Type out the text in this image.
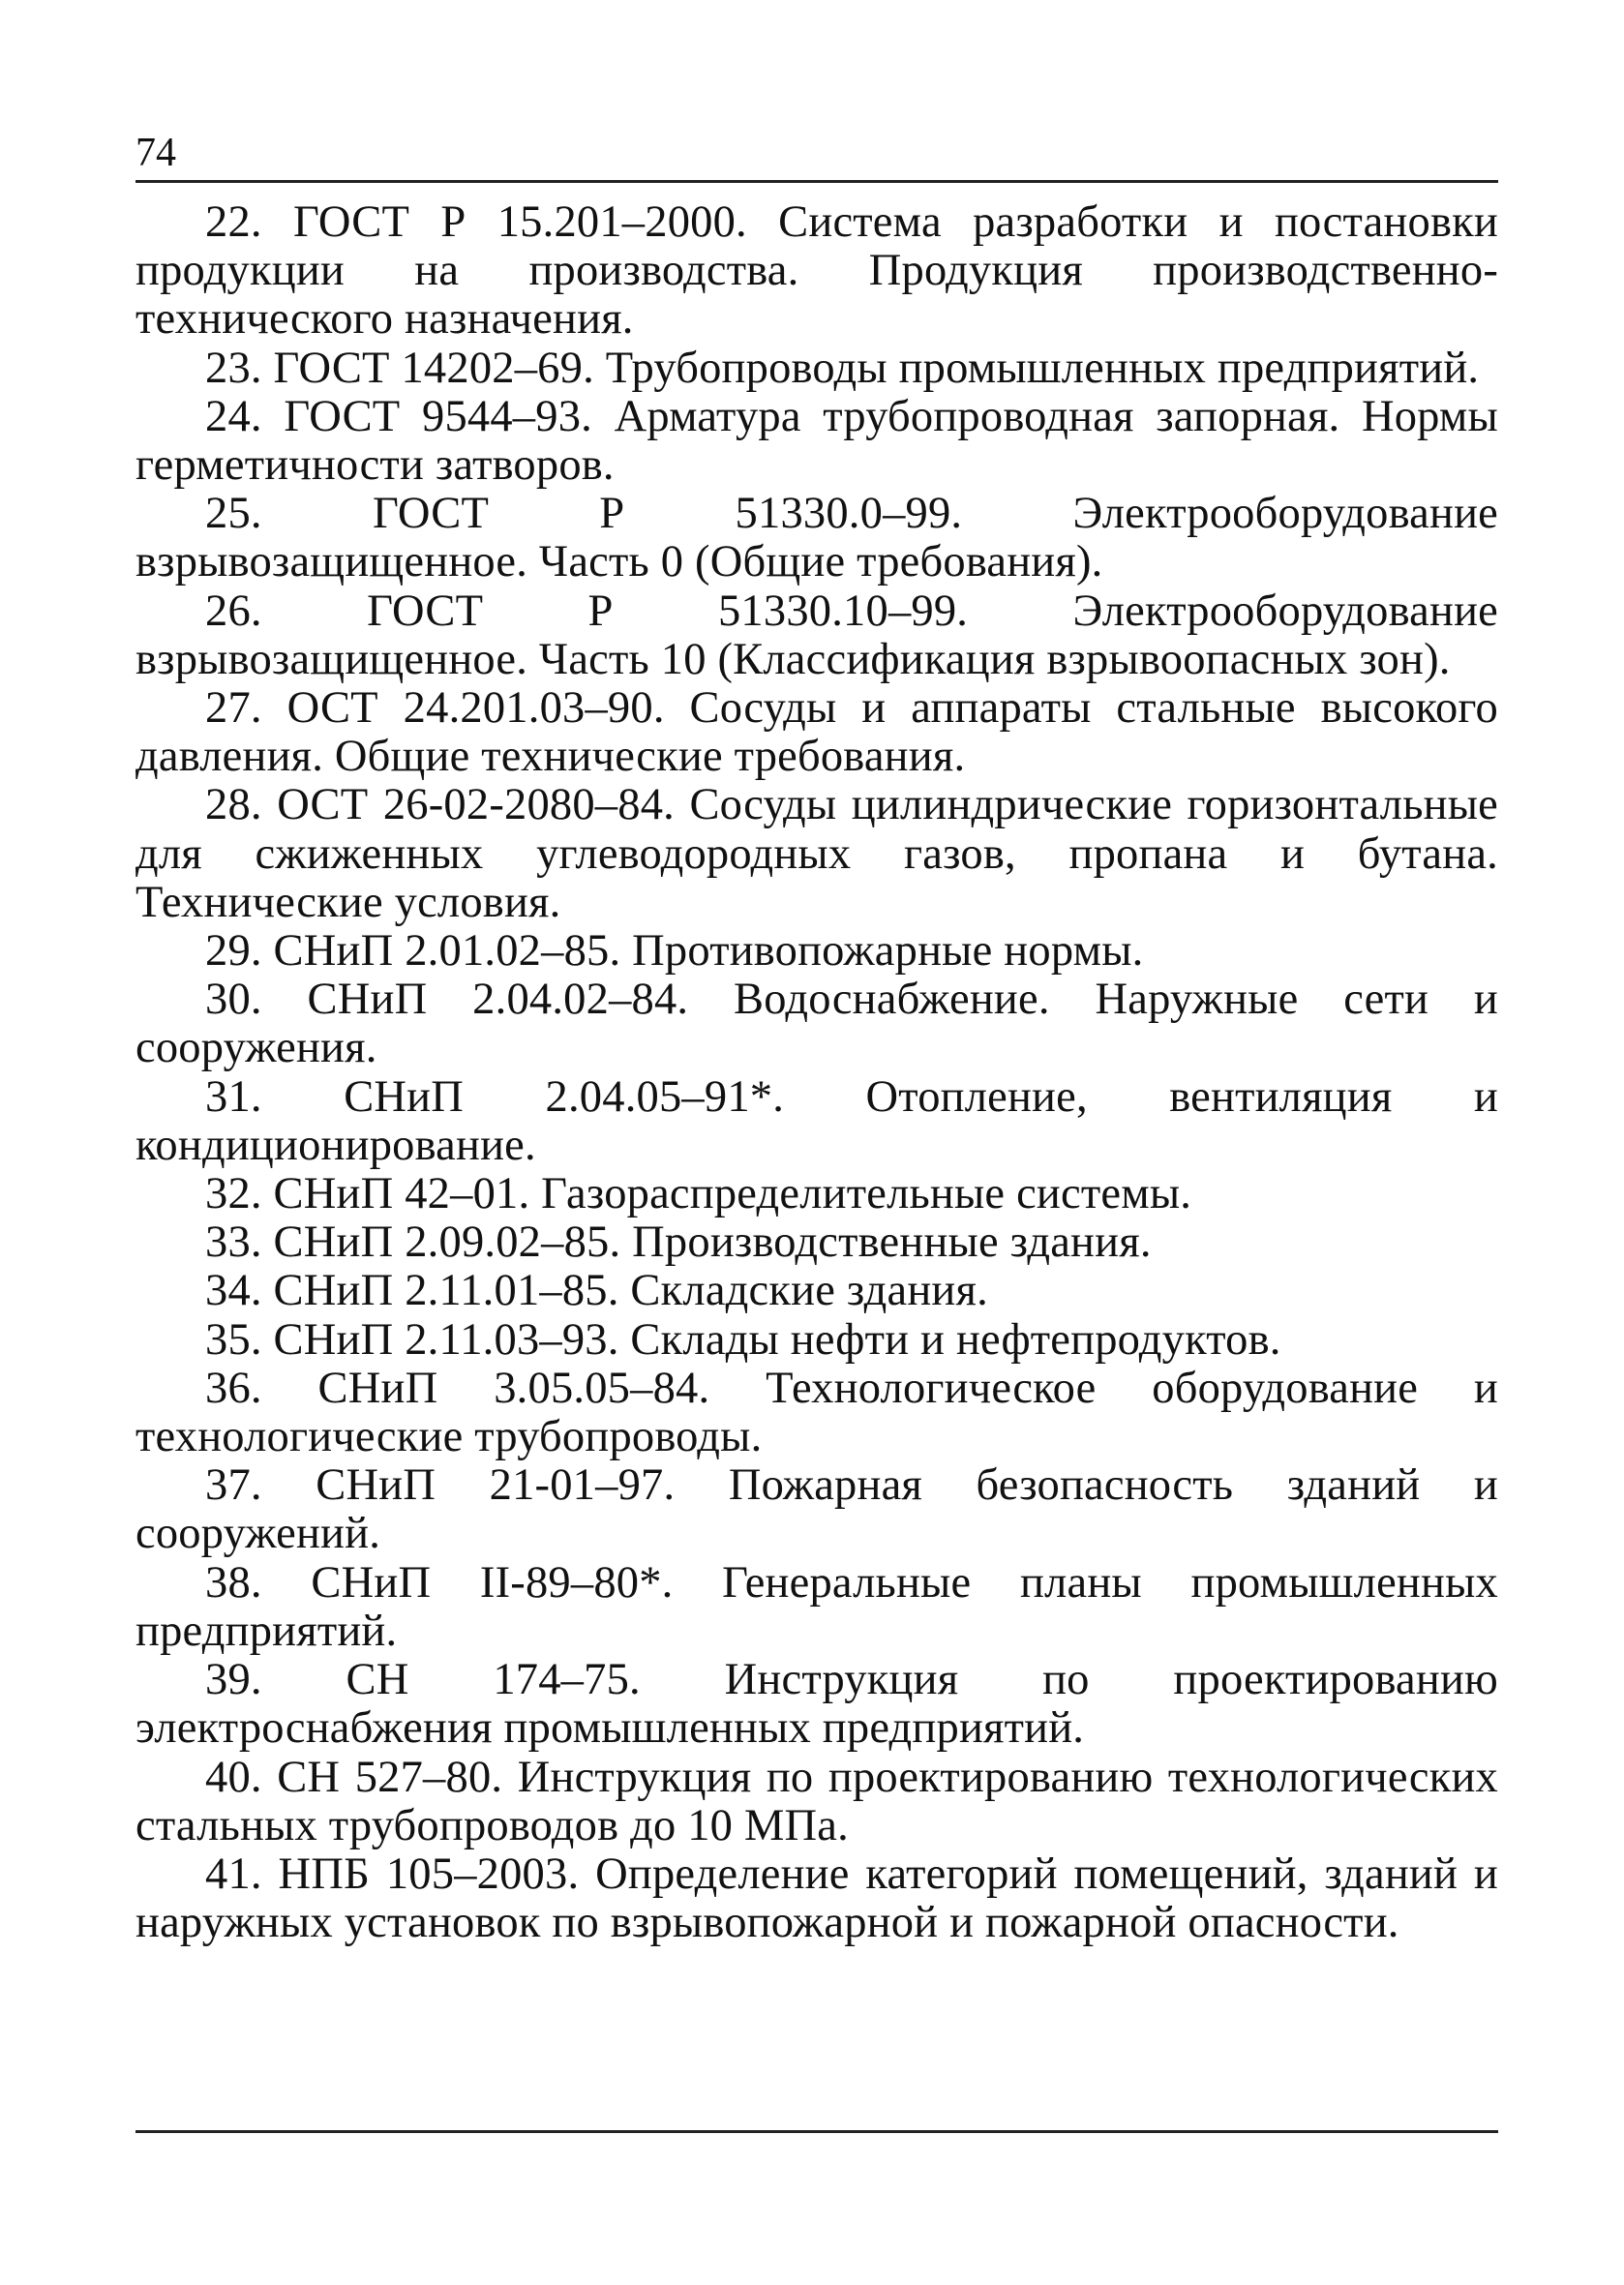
74

22. ГОСТ Р 15.201–2000. Система разработки и постановки продукции на производства. Продукция производственно-технического назначения.

23. ГОСТ 14202–69. Трубопроводы промышленных предприятий.

24. ГОСТ 9544–93. Арматура трубопроводная запорная. Нормы герметичности затворов.

25. ГОСТ Р 51330.0–99. Электрооборудование взрывозащищенное. Часть 0 (Общие требования).

26. ГОСТ Р 51330.10–99. Электрооборудование взрывозащищенное. Часть 10 (Классификация взрывоопасных зон).

27. ОСТ 24.201.03–90. Сосуды и аппараты стальные высокого давления. Общие технические требования.

28. ОСТ 26-02-2080–84. Сосуды цилиндрические горизонтальные для сжиженных углеводородных газов, пропана и бутана. Технические условия.

29. СНиП 2.01.02–85. Противопожарные нормы.

30. СНиП 2.04.02–84. Водоснабжение. Наружные сети и сооружения.

31. СНиП 2.04.05–91*. Отопление, вентиляция и кондиционирование.

32. СНиП 42–01. Газораспределительные системы.

33. СНиП 2.09.02–85. Производственные здания.

34. СНиП 2.11.01–85. Складские здания.

35. СНиП 2.11.03–93. Склады нефти и нефтепродуктов.

36. СНиП 3.05.05–84. Технологическое оборудование и технологические трубопроводы.

37. СНиП 21-01–97. Пожарная безопасность зданий и сооружений.

38. СНиП II-89–80*. Генеральные планы промышленных предприятий.

39. СН 174–75. Инструкция по проектированию электроснабжения промышленных предприятий.

40. СН 527–80. Инструкция по проектированию технологических стальных трубопроводов до 10 МПа.

41. НПБ 105–2003. Определение категорий помещений, зданий и наружных установок по взрывопожарной и пожарной опасности.
